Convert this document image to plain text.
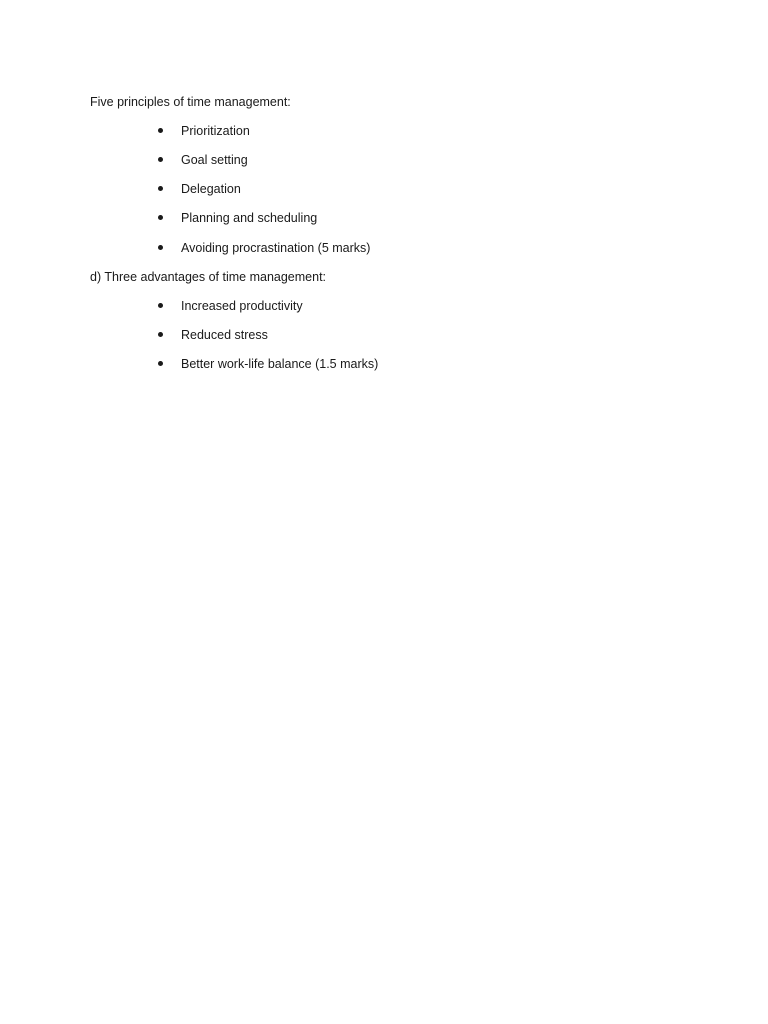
Five principles of time management:
Prioritization
Goal setting
Delegation
Planning and scheduling
Avoiding procrastination (5 marks)
d) Three advantages of time management:
Increased productivity
Reduced stress
Better work-life balance (1.5 marks)
